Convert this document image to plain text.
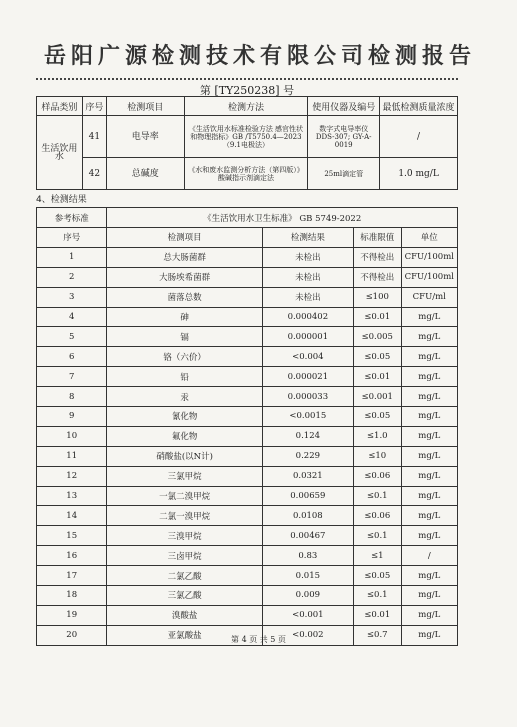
岳阳广源检测技术有限公司检测报告
第 [TY250238] 号
样品类别	序号	检测项目	检测方法	使用仪器及编号	最低检测质量浓度
生活饮用水	41	电导率	《生活饮用水标准检验方法 感官性状和物理指标》GB /T5750.4—2023（9.1电极法）	数字式电导率仪 DDS-307; GY-A-0019	/
	42	总碱度	《水和废水监测分析方法（第四版）》酸碱指示剂滴定法	25ml滴定管	1.0 mg/L
4、检测结果
参考标准	《生活饮用水卫生标准》 GB 5749-2022			
序号	检测项目	检测结果	标准限值	单位
1	总大肠菌群	未检出	不得检出	CFU/100ml
2	大肠埃希菌群	未检出	不得检出	CFU/100ml
3	菌落总数	未检出	≤100	CFU/ml
4	砷	0.000402	≤0.01	mg/L
5	镉	0.000001	≤0.005	mg/L
6	铬（六价）	<0.004	≤0.05	mg/L
7	铅	0.000021	≤0.01	mg/L
8	汞	0.000033	≤0.001	mg/L
9	氰化物	<0.0015	≤0.05	mg/L
10	氟化物	0.124	≤1.0	mg/L
11	硝酸盐(以N计)	0.229	≤10	mg/L
12	三氯甲烷	0.0321	≤0.06	mg/L
13	一氯二溴甲烷	0.00659	≤0.1	mg/L
14	二氯一溴甲烷	0.0108	≤0.06	mg/L
15	三溴甲烷	0.00467	≤0.1	mg/L
16	三卤甲烷	0.83	≤1	/
17	二氯乙酸	0.015	≤0.05	mg/L
18	三氯乙酸	0.009	≤0.1	mg/L
19	溴酸盐	<0.001	≤0.01	mg/L
20	亚氯酸盐	<0.002	≤0.7	mg/L
第 4 页 共 5 页
